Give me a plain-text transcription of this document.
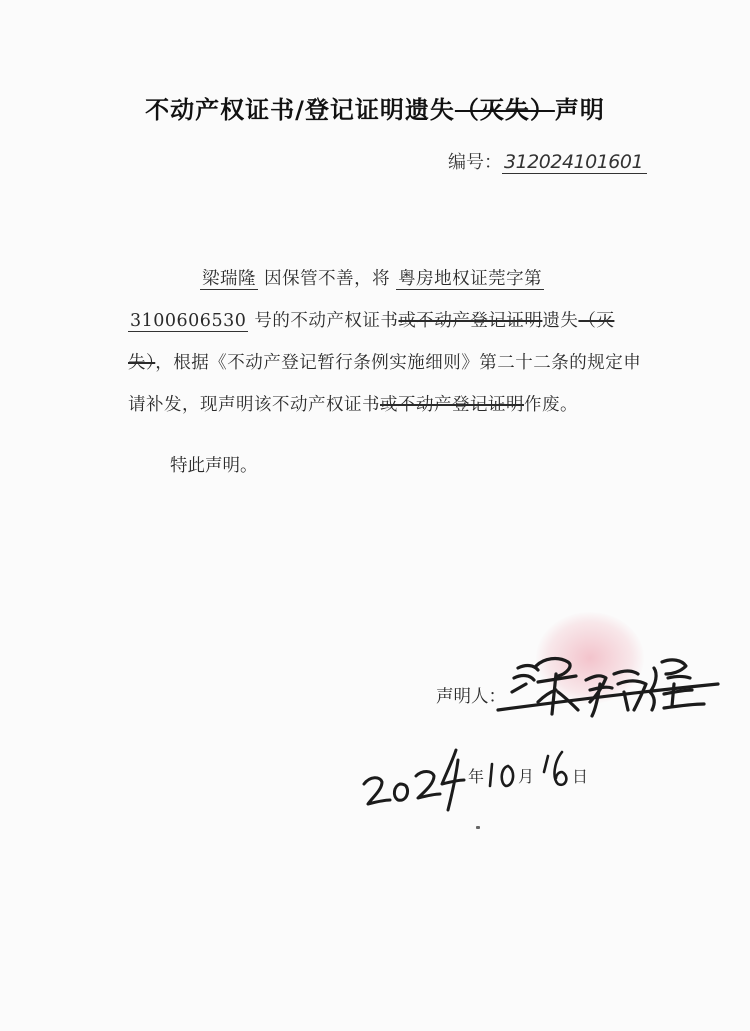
不动产权证书/登记证明遗失（灭失）声明
编号： 312024101601
梁瑞隆 因保管不善，将 粤房地权证莞字第
3100606530 号的不动产权证书或不动产登记证明遗失（灭失），根据《不动产登记暂行条例实施细则》第二十二条的规定申请补发，现声明该不动产权证书或不动产登记证明作废。
特此声明。
声明人：
年 月 日
